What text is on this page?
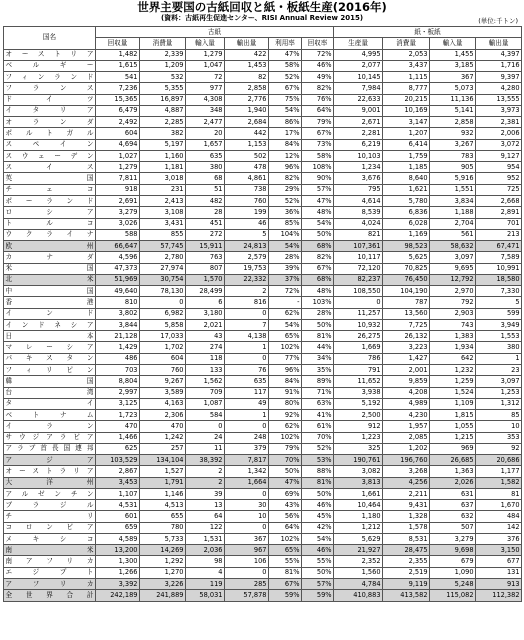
世界主要国の古紙回収と紙・板紙生産(2016年)
(資料：古紙再生促進センター、RISI Annual Review 2015)	(単位:千トン)
国名	古紙						紙・板紙			
	回収量	消費量	輸入量	輸出量	利用率	回収率	生産量	消費量	輸入量	輸出量
オーストリア	1,482	2,339	1,279	422	47%	72%	4,995	2,053	1,455	4,397
ベルギー	1,615	1,209	1,047	1,453	58%	46%	2,077	3,437	3,185	1,716
フィンランド	541	532	72	82	52%	49%	10,145	1,115	367	9,397
フランス	7,236	5,355	977	2,858	67%	82%	7,984	8,777	5,073	4,280
ドイツ	15,365	16,897	4,308	2,776	75%	76%	22,633	20,215	11,136	13,555
イタリア	6,479	4,887	348	1,940	54%	64%	9,001	10,169	5,141	3,973
オランダ	2,492	2,285	2,477	2,684	86%	79%	2,671	3,147	2,858	2,381
ポルトガル	604	382	20	442	17%	67%	2,281	1,207	932	2,006
スペイン	4,694	5,197	1,657	1,153	84%	73%	6,219	6,414	3,267	3,072
スウェーデン	1,027	1,160	635	502	12%	58%	10,103	1,759	783	9,127
スイス	1,279	1,181	380	478	96%	108%	1,234	1,185	905	954
英国	7,811	3,018	68	4,861	82%	90%	3,676	8,640	5,916	952
チェコ	918	231	51	738	29%	57%	795	1,621	1,551	725
ポーランド	2,691	2,413	482	760	52%	47%	4,614	5,780	3,834	2,668
ロシア	3,279	3,108	28	199	36%	48%	8,539	6,836	1,188	2,891
トルコ	3,026	3,431	451	46	85%	54%	4,024	6,028	2,704	701
ウクライナ	588	855	272	5	104%	50%	821	1,169	561	213
欧州	66,647	57,745	15,911	24,813	54%	68%	107,361	98,523	58,632	67,471
カナダ	4,596	2,780	763	2,579	28%	82%	10,117	5,625	3,097	7,589
米国	47,373	27,974	807	19,753	39%	67%	72,120	70,825	9,695	10,991
北米	51,969	30,754	1,570	22,332	37%	68%	82,237	76,450	12,792	18,580
中国	49,640	78,130	28,499	2	72%	48%	108,550	104,190	2,970	7,330
香港	810	0	6	816	-	103%	0	787	792	5
インド	3,802	6,982	3,180	0	62%	28%	11,257	13,560	2,903	599
インドネシア	3,844	5,858	2,021	7	54%	50%	10,932	7,725	743	3,949
日本	21,128	17,033	43	4,138	65%	81%	26,275	26,132	1,383	1,553
マレーシア	1,429	1,702	274	1	102%	44%	1,669	3,223	1,934	380
パキスタン	486	604	118	0	77%	34%	786	1,427	642	1
フィリピン	703	760	133	76	96%	35%	791	2,001	1,232	23
韓国	8,804	9,267	1,562	635	84%	89%	11,652	9,859	1,259	3,097
台湾	2,997	3,589	709	117	91%	71%	3,938	4,208	1,524	1,253
タイ	3,125	4,163	1,087	49	80%	63%	5,192	4,989	1,109	1,312
ベトナム	1,723	2,306	584	1	92%	41%	2,500	4,230	1,815	85
イラン	470	470	0	0	62%	61%	912	1,957	1,055	10
サウジアラビア	1,466	1,242	24	248	102%	70%	1,223	2,085	1,215	353
アラブ首長国連邦	625	257	11	379	79%	52%	325	1,202	969	92
アジア	103,529	134,104	38,392	7,817	70%	53%	190,761	196,760	26,685	20,686
オーストラリア	2,867	1,527	2	1,342	50%	88%	3,082	3,268	1,363	1,177
大洋州	3,453	1,791	2	1,664	47%	81%	3,813	4,256	2,026	1,582
アルゼンチン	1,107	1,146	39	0	69%	50%	1,661	2,211	631	81
ブラジル	4,531	4,513	13	30	43%	46%	10,464	9,431	637	1,670
チリ	601	655	64	10	56%	45%	1,180	1,328	632	484
コロンビア	659	780	122	0	64%	42%	1,212	1,578	507	142
メキシコ	4,589	5,733	1,531	367	102%	54%	5,629	8,531	3,279	376
南米	13,200	14,269	2,036	967	65%	46%	21,927	28,475	9,698	3,150
南アフリカ	1,300	1,292	98	106	55%	55%	2,352	2,355	679	677
エジプト	1,266	1,270	4	0	81%	50%	1,560	2,519	1,090	131
アフリカ	3,392	3,226	119	285	67%	57%	4,784	9,119	5,248	913
全世界合計	242,189	241,889	58,031	57,878	59%	59%	410,883	413,582	115,082	112,382
